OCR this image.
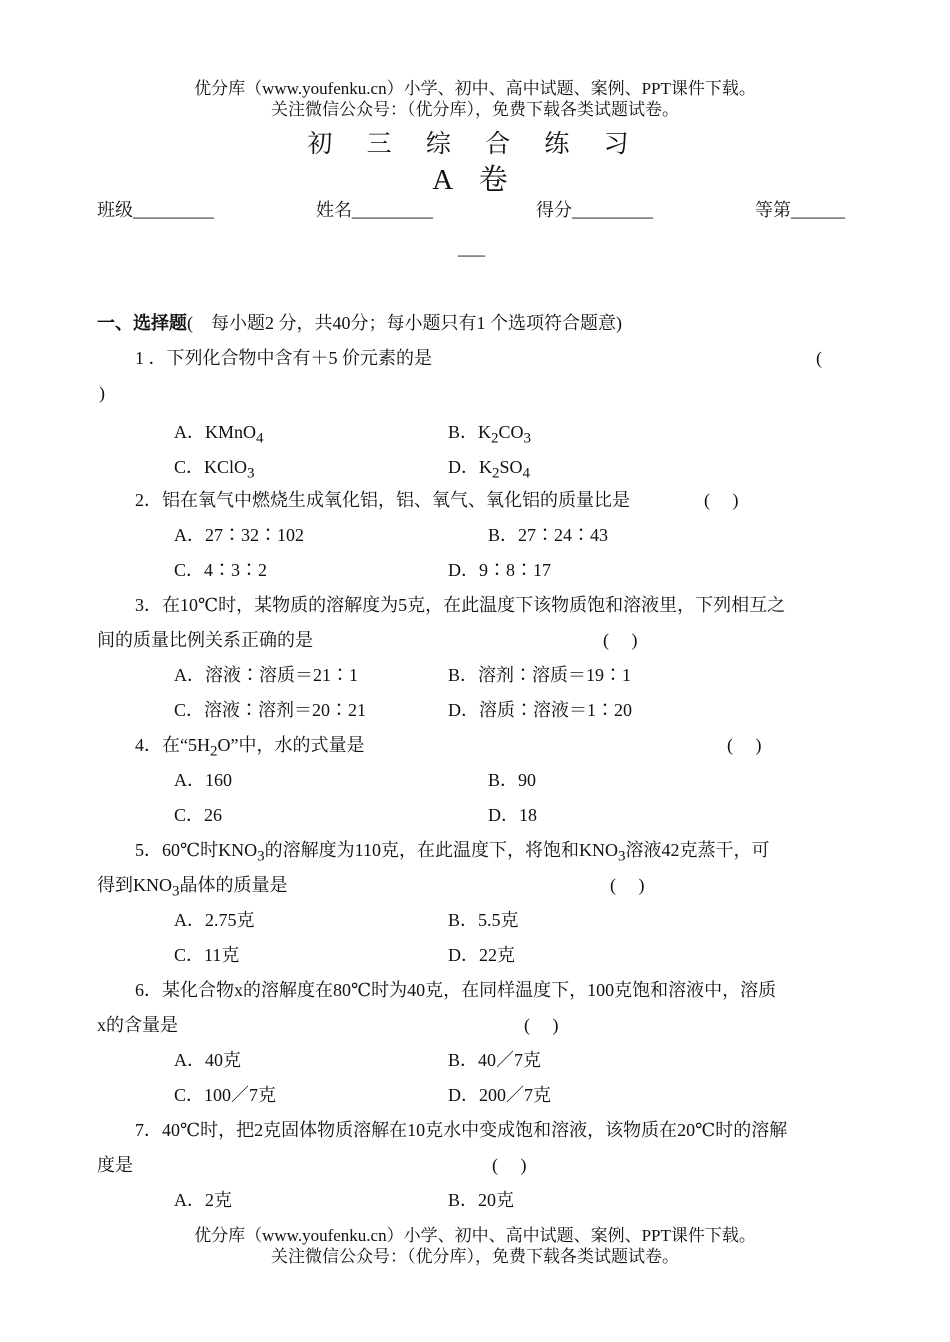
优分库（www.youfenku.cn）小学、初中、高中试题、案例、PPT课件下载。
关注微信公众号：（优分库），免费下载各类试题试卷。
初 三 综 合 练 习
A 卷
班级_________	姓名_________	得分_________	等第______
___
一、选择题(　每小题2 分，共40分；每小题只有1 个选项符合题意)
1 ．下列化合物中含有＋5 价元素的是	(
)
A．KMnO$_4$	B．$K_2CO_3$
C．KClO$_3$	D．$K_2SO_4$
2．铝在氧气中燃烧生成氧化铝，铝、氧气、氧化铝的质量比是	(　 )
A．27∶32∶102	B．27∶24∶43
C．4∶3∶2	D．9∶8∶17
3．在10℃时，某物质的溶解度为5克，在此温度下该物质饱和溶液里，下列相互之
间的质量比例关系正确的是	(　 )
A．溶液∶溶质＝21∶1	B．溶剂∶溶质＝19∶1
C．溶液∶溶剂＝20∶21	D．溶质∶溶液＝1∶20
4．在“$5H_2O$”中，水的式量是	(　 )
A．160	B．90
C．26	D．18
5．60℃时$KNO_3$的溶解度为110克，在此温度下，将饱和$KNO_3$溶液42克蒸干，可
得到$KNO_3$晶体的质量是	(　 )
A．2.75克	B．5.5克
C．11克	D．22克
6．某化合物x的溶解度在80℃时为40克，在同样温度下，100克饱和溶液中，溶质
x的含量是	(　 )
A．40克	B．40／7克
C．100／7克	D．200／7克
7．40℃时，把2克固体物质溶解在10克水中变成饱和溶液，该物质在20℃时的溶解
度是	(　 )
A．2克	B．20克
优分库（www.youfenku.cn）小学、初中、高中试题、案例、PPT课件下载。
关注微信公众号：（优分库），免费下载各类试题试卷。
